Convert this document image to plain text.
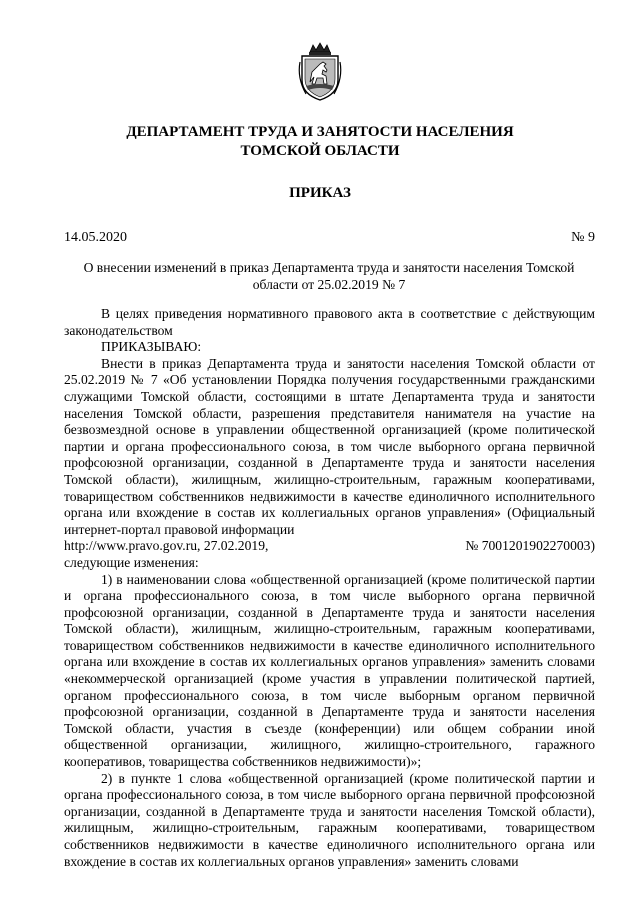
ДЕПАРТАМЕНТ ТРУДА И ЗАНЯТОСТИ НАСЕЛЕНИЯ
ТОМСКОЙ ОБЛАСТИ
ПРИКАЗ
14.05.2020	№ 9
О внесении изменений в приказ Департамента труда и занятости населения Томской области от 25.02.2019 № 7

В целях приведения нормативного правового акта в соответствие с действующим законодательством

ПРИКАЗЫВАЮ:

Внести в приказ Департамента труда и занятости населения Томской области от 25.02.2019 № 7 «Об установлении Порядка получения государственными гражданскими служащими Томской области, состоящими в штате Департамента труда и занятости населения Томской области, разрешения представителя нанимателя на участие на безвозмездной основе в управлении общественной организацией (кроме политической партии и органа профессионального союза, в том числе выборного органа первичной профсоюзной организации, созданной в Департаменте труда и занятости населения Томской области), жилищным, жилищно-строительным, гаражным кооперативами, товариществом собственников недвижимости в качестве единоличного исполнительного органа или вхождение в состав их коллегиальных органов управления» (Официальный интернет-портал правовой информации

http://www.pravo.gov.ru, 27.02.2019,	№ 7001201902270003)

следующие изменения:

1) в наименовании слова «общественной организацией (кроме политической партии и органа профессионального союза, в том числе выборного органа первичной профсоюзной организации, созданной в Департаменте труда и занятости населения Томской области), жилищным, жилищно-строительным, гаражным кооперативами, товариществом собственников недвижимости в качестве единоличного исполнительного органа или вхождение в состав их коллегиальных органов управления» заменить словами «некоммерческой организацией (кроме участия в управлении политической партией, органом профессионального союза, в том числе выборным органом первичной профсоюзной организации, созданной в Департаменте труда и занятости населения Томской области, участия в съезде (конференции) или общем собрании иной общественной организации, жилищного, жилищно-строительного, гаражного кооперативов, товарищества собственников недвижимости)»;

2) в пункте 1 слова «общественной организацией (кроме политической партии и органа профессионального союза, в том числе выборного органа первичной профсоюзной организации, созданной в Департаменте труда и занятости населения Томской области), жилищным, жилищно-строительным, гаражным кооперативами, товариществом собственников недвижимости в качестве единоличного исполнительного органа или вхождение в состав их коллегиальных органов управления» заменить словами
